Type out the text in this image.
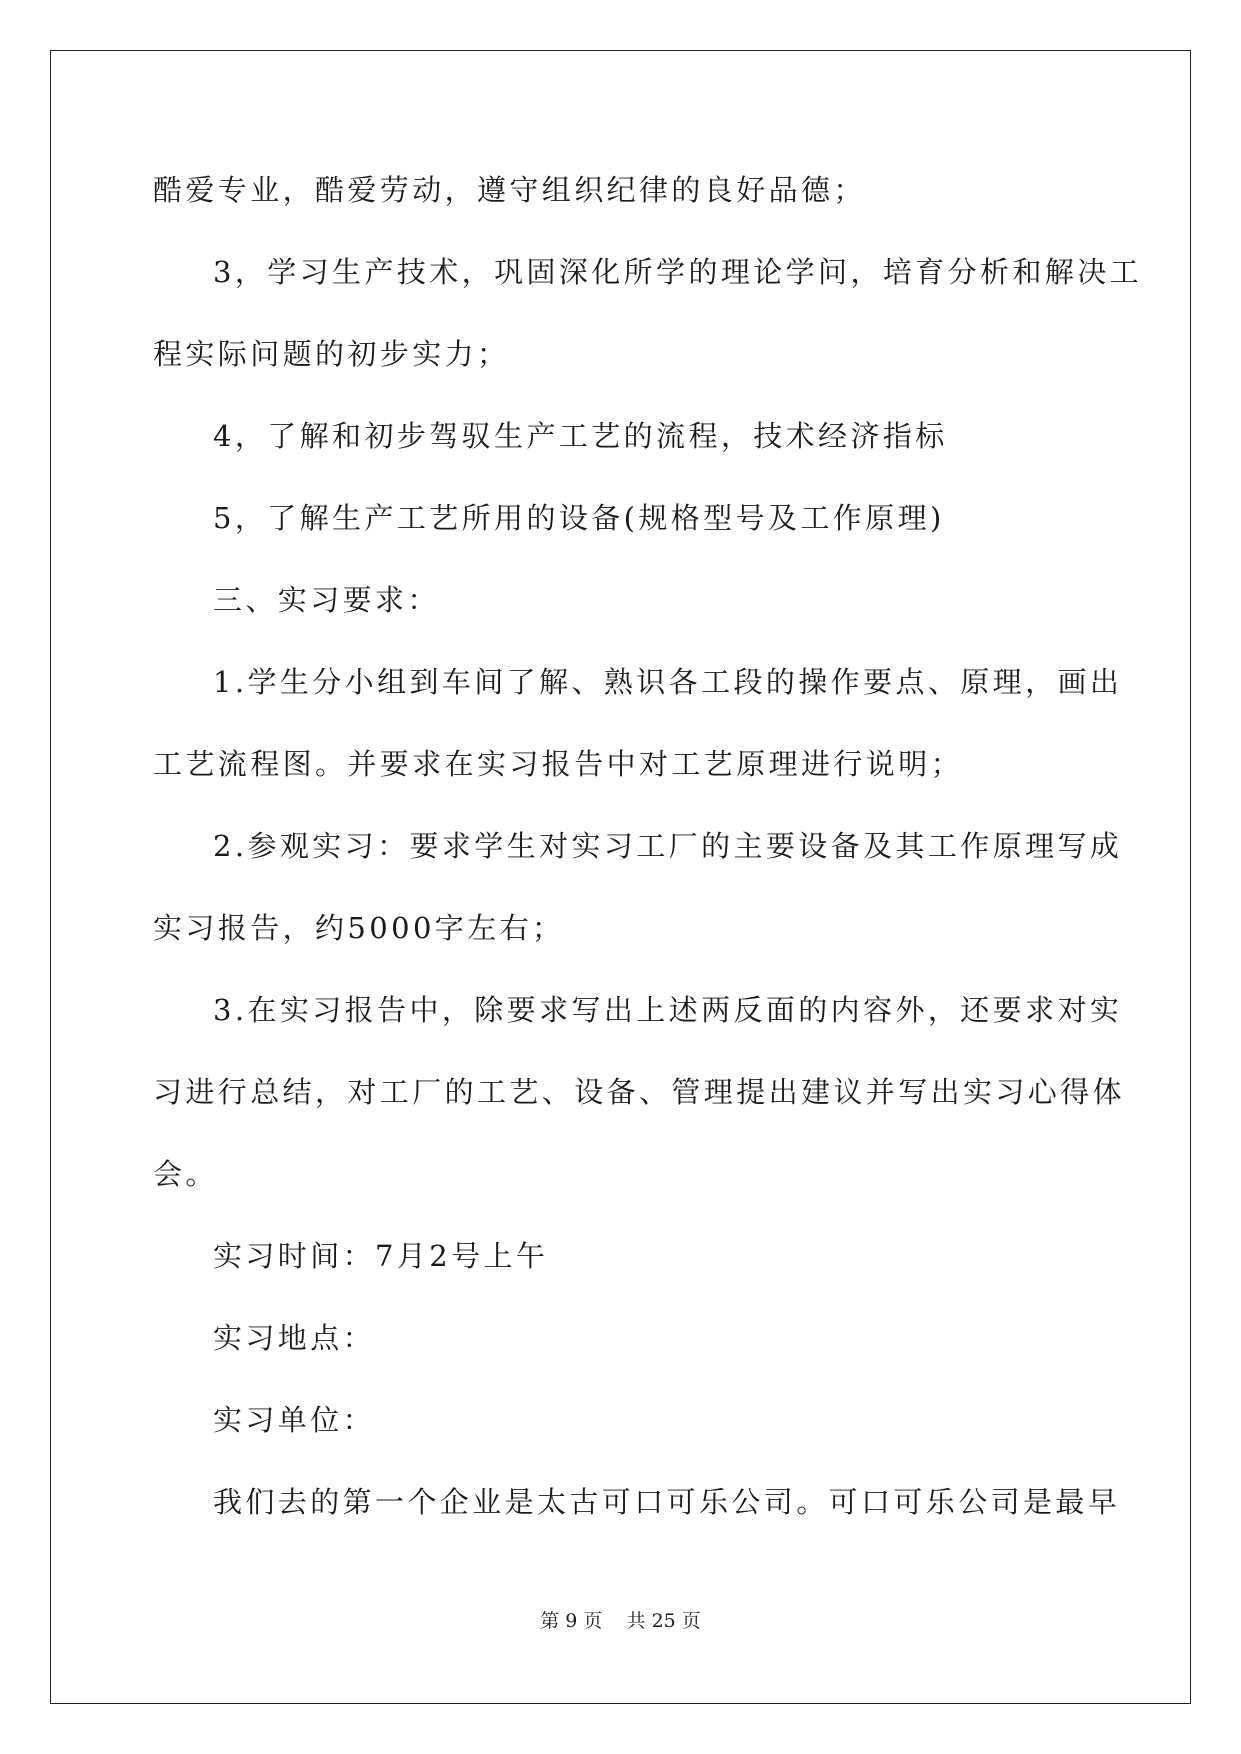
酷爱专业，酷爱劳动，遵守组织纪律的良好品德；
3，学习生产技术，巩固深化所学的理论学问，培育分析和解决工
程实际问题的初步实力；
4，了解和初步驾驭生产工艺的流程，技术经济指标
5，了解生产工艺所用的设备(规格型号及工作原理)
三、实习要求：
1.学生分小组到车间了解、熟识各工段的操作要点、原理，画出
工艺流程图。并要求在实习报告中对工艺原理进行说明；
2.参观实习：要求学生对实习工厂的主要设备及其工作原理写成
实习报告，约5000字左右；
3.在实习报告中，除要求写出上述两反面的内容外，还要求对实
习进行总结，对工厂的工艺、设备、管理提出建议并写出实习心得体
会。
实习时间：7月2号上午
实习地点：
实习单位：
我们去的第一个企业是太古可口可乐公司。可口可乐公司是最早
第 9 页    共 25 页
